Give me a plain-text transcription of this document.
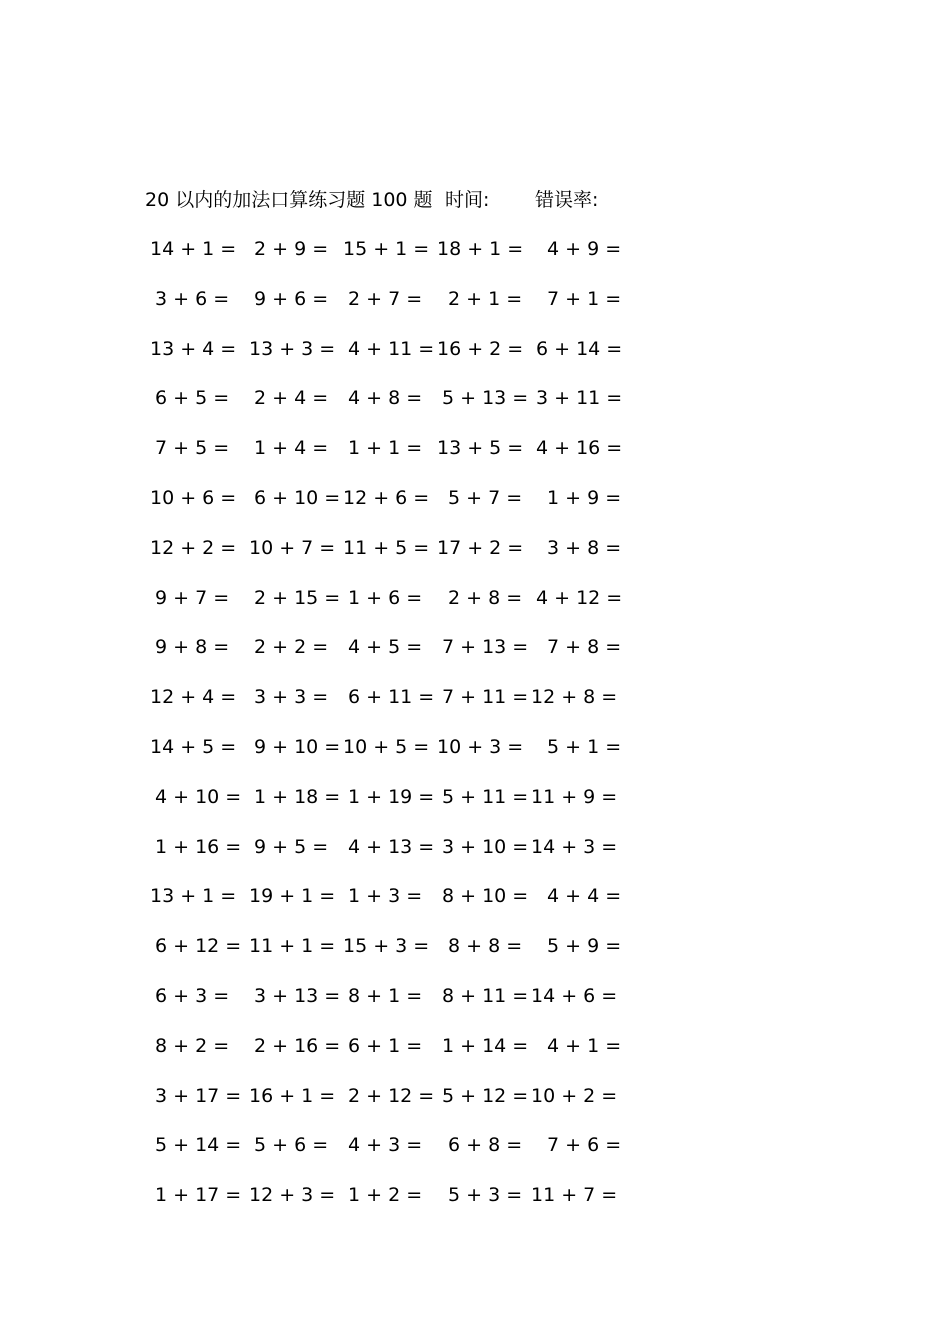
20 以内的加法口算练习题 100 题 时间: 错误率:
14 + 1 = 2 + 9 = 15 + 1 = 18 + 1 = 4 + 9 =
3 + 6 = 9 + 6 = 2 + 7 = 2 + 1 = 7 + 1 =
13 + 4 = 13 + 3 = 4 + 11 = 16 + 2 = 6 + 14 =
6 + 5 = 2 + 4 = 4 + 8 = 5 + 13 = 3 + 11 =
7 + 5 = 1 + 4 = 1 + 1 = 13 + 5 = 4 + 16 =
10 + 6 = 6 + 10 = 12 + 6 = 5 + 7 = 1 + 9 =
12 + 2 = 10 + 7 = 11 + 5 = 17 + 2 = 3 + 8 =
9 + 7 = 2 + 15 = 1 + 6 = 2 + 8 = 4 + 12 =
9 + 8 = 2 + 2 = 4 + 5 = 7 + 13 = 7 + 8 =
12 + 4 = 3 + 3 = 6 + 11 = 7 + 11 = 12 + 8 =
14 + 5 = 9 + 10 = 10 + 5 = 10 + 3 = 5 + 1 =
4 + 10 = 1 + 18 = 1 + 19 = 5 + 11 = 11 + 9 =
1 + 16 = 9 + 5 = 4 + 13 = 3 + 10 = 14 + 3 =
13 + 1 = 19 + 1 = 1 + 3 = 8 + 10 = 4 + 4 =
6 + 12 = 11 + 1 = 15 + 3 = 8 + 8 = 5 + 9 =
6 + 3 = 3 + 13 = 8 + 1 = 8 + 11 = 14 + 6 =
8 + 2 = 2 + 16 = 6 + 1 = 1 + 14 = 4 + 1 =
3 + 17 = 16 + 1 = 2 + 12 = 5 + 12 = 10 + 2 =
5 + 14 = 5 + 6 = 4 + 3 = 6 + 8 = 7 + 6 =
1 + 17 = 12 + 3 = 1 + 2 = 5 + 3 = 11 + 7 =
